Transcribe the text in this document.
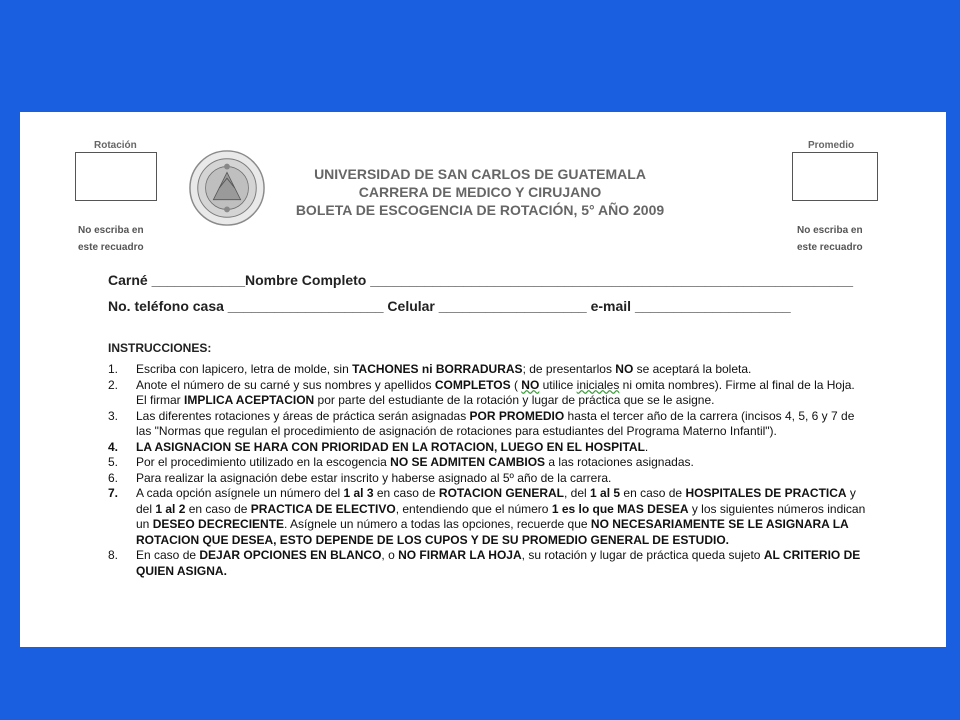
Rotación
No escriba en
este recuadro
Promedio
No escriba en
este recuadro
UNIVERSIDAD DE SAN CARLOS DE GUATEMALA
CARRERA DE MEDICO Y CIRUJANO
BOLETA DE ESCOGENCIA DE ROTACIÓN, 5° AÑO 2009
Carné ____________Nombre Completo ______________________________________________________________
No. teléfono casa ____________________ Celular ___________________ e-mail ____________________
INSTRUCCIONES:
1.	Escriba con lapicero, letra de molde, sin TACHONES ni BORRADURAS; de presentarlos NO se aceptará la boleta.
2.	Anote el número de su carné y sus nombres y apellidos COMPLETOS ( NO utilice iniciales ni omita nombres). Firme al final de la Hoja. El firmar IMPLICA ACEPTACION por parte del estudiante de la rotación y lugar de práctica que se le asigne.
3.	Las diferentes rotaciones y áreas de práctica serán asignadas POR PROMEDIO hasta el tercer año de la carrera (incisos 4, 5, 6 y 7 de las "Normas que regulan el procedimiento de asignación de rotaciones para estudiantes del Programa Materno Infantil").
4.	LA ASIGNACION SE HARA CON PRIORIDAD EN LA ROTACION, LUEGO EN EL HOSPITAL.
5.	Por el procedimiento utilizado en la escogencia NO SE ADMITEN CAMBIOS a las rotaciones asignadas.
6.	Para realizar la asignación debe estar inscrito y haberse asignado al 5º año de la carrera.
7.	A cada opción asígnele un número del 1 al 3 en caso de ROTACION GENERAL, del 1 al 5 en caso de HOSPITALES DE PRACTICA y del 1 al 2 en caso de PRACTICA DE ELECTIVO, entendiendo que el número 1 es lo que MAS DESEA y los siguientes números indican un DESEO DECRECIENTE. Asígnele un número a todas las opciones, recuerde que NO NECESARIAMENTE SE LE ASIGNARA LA ROTACION QUE DESEA, ESTO DEPENDE DE LOS CUPOS Y DE SU PROMEDIO GENERAL DE ESTUDIO.
8.	En caso de DEJAR OPCIONES EN BLANCO, o NO FIRMAR LA HOJA, su rotación y lugar de práctica queda sujeto AL CRITERIO DE QUIEN ASIGNA.
